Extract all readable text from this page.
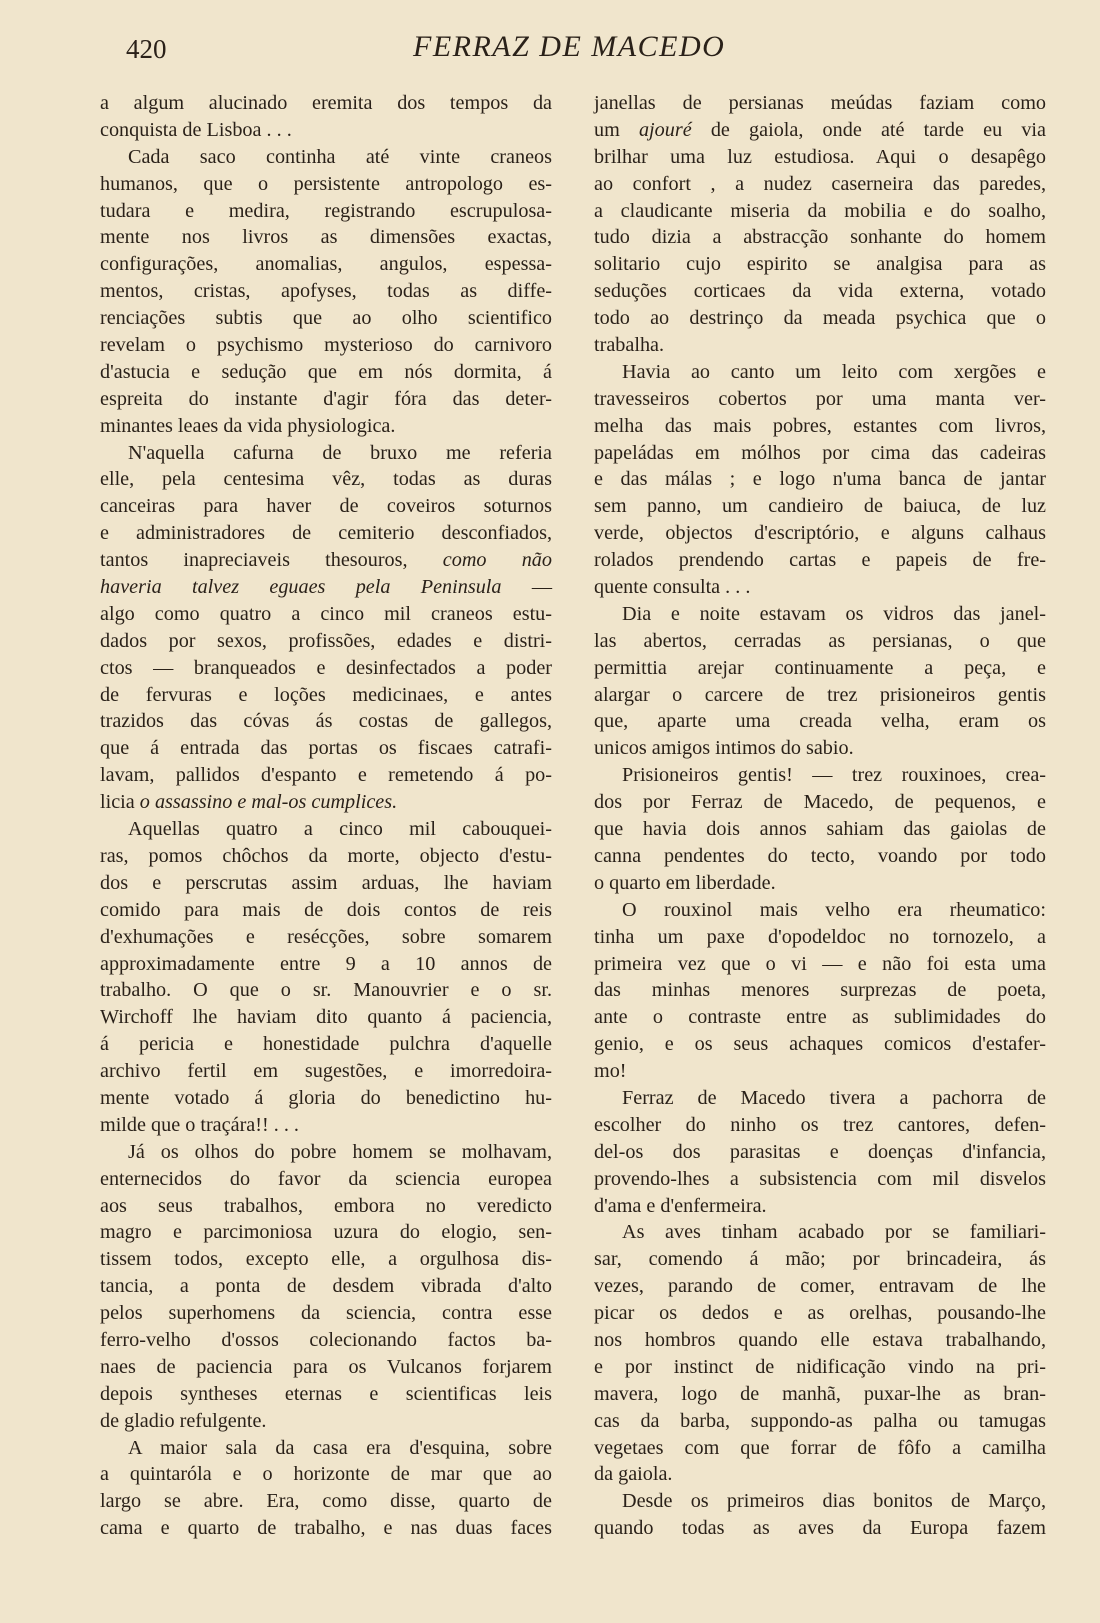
420	FERRAZ DE MACEDO
a algum alucinado eremita dos tempos da
conquista de Lisboa . . .
Cada saco continha até vinte craneos
humanos, que o persistente antropologo es-
tudara e medira, registrando escrupulosa-
mente nos livros as dimensões exactas,
configurações, anomalias, angulos, espessa-
mentos, cristas, apofyses, todas as diffe-
renciações subtis que ao olho scientifico
revelam o psychismo mysterioso do carnivoro
d'astucia e sedução que em nós dormita, á
espreita do instante d'agir fóra das deter-
minantes leaes da vida physiologica.
N'aquella cafurna de bruxo me referia
elle, pela centesima vêz, todas as duras
canceiras para haver de coveiros soturnos
e administradores de cemiterio desconfiados,
tantos inapreciaveis thesouros, como não
haveria talvez eguaes pela Peninsula —
algo como quatro a cinco mil craneos estu-
dados por sexos, profissões, edades e distri-
ctos — branqueados e desinfectados a poder
de fervuras e loções medicinaes, e antes
trazidos das cóvas ás costas de gallegos,
que á entrada das portas os fiscaes catrafi-
lavam, pallidos d'espanto e remetendo á po-
licia o assassino e mal-os cumplices.
Aquellas quatro a cinco mil cabouquei-
ras, pomos chôchos da morte, objecto d'estu-
dos e perscrutas assim arduas, lhe haviam
comido para mais de dois contos de reis
d'exhumações e resécções, sobre somarem
approximadamente entre 9 a 10 annos de
trabalho. O que o sr. Manouvrier e o sr.
Wirchoff lhe haviam dito quanto á paciencia,
á pericia e honestidade pulchra d'aquelle
archivo fertil em sugestões, e imorredoira-
mente votado á gloria do benedictino hu-
milde que o traçára!! . . .
Já os olhos do pobre homem se molhavam,
enternecidos do favor da sciencia europea
aos seus trabalhos, embora no veredicto
magro e parcimoniosa uzura do elogio, sen-
tissem todos, excepto elle, a orgulhosa dis-
tancia, a ponta de desdem vibrada d'alto
pelos superhomens da sciencia, contra esse
ferro-velho d'ossos colecionando factos ba-
naes de paciencia para os Vulcanos forjarem
depois syntheses eternas e scientificas leis
de gladio refulgente.
A maior sala da casa era d'esquina, sobre
a quintaróla e o horizonte de mar que ao
largo se abre. Era, como disse, quarto de
cama e quarto de trabalho, e nas duas faces
janellas de persianas meúdas faziam como
um ajouré de gaiola, onde até tarde eu via
brilhar uma luz estudiosa. Aqui o desapêgo
ao confort , a nudez caserneira das paredes,
a claudicante miseria da mobilia e do soalho,
tudo dizia a abstracção sonhante do homem
solitario cujo espirito se analgisa para as
seduções corticaes da vida externa, votado
todo ao destrinço da meada psychica que o
trabalha.
Havia ao canto um leito com xergões e
travesseiros cobertos por uma manta ver-
melha das mais pobres, estantes com livros,
papeládas em mólhos por cima das cadeiras
e das málas ; e logo n'uma banca de jantar
sem panno, um candieiro de baiuca, de luz
verde, objectos d'escriptório, e alguns calhaus
rolados prendendo cartas e papeis de fre-
quente consulta . . .
Dia e noite estavam os vidros das janel-
las abertos, cerradas as persianas, o que
permittia arejar continuamente a peça, e
alargar o carcere de trez prisioneiros gentis
que, aparte uma creada velha, eram os
unicos amigos intimos do sabio.
Prisioneiros gentis! — trez rouxinoes, crea-
dos por Ferraz de Macedo, de pequenos, e
que havia dois annos sahiam das gaiolas de
canna pendentes do tecto, voando por todo
o quarto em liberdade.
O rouxinol mais velho era rheumatico:
tinha um paxe d'opodeldoc no tornozelo, a
primeira vez que o vi — e não foi esta uma
das minhas menores surprezas de poeta,
ante o contraste entre as sublimidades do
genio, e os seus achaques comicos d'estafer-
mo!
Ferraz de Macedo tivera a pachorra de
escolher do ninho os trez cantores, defen-
del-os dos parasitas e doenças d'infancia,
provendo-lhes a subsistencia com mil disvelos
d'ama e d'enfermeira.
As aves tinham acabado por se familiari-
sar, comendo á mão; por brincadeira, ás
vezes, parando de comer, entravam de lhe
picar os dedos e as orelhas, pousando-lhe
nos hombros quando elle estava trabalhando,
e por instinct de nidificação vindo na pri-
mavera, logo de manhã, puxar-lhe as bran-
cas da barba, suppondo-as palha ou tamugas
vegetaes com que forrar de fôfo a camilha
da gaiola.
Desde os primeiros dias bonitos de Março,
quando todas as aves da Europa fazem
